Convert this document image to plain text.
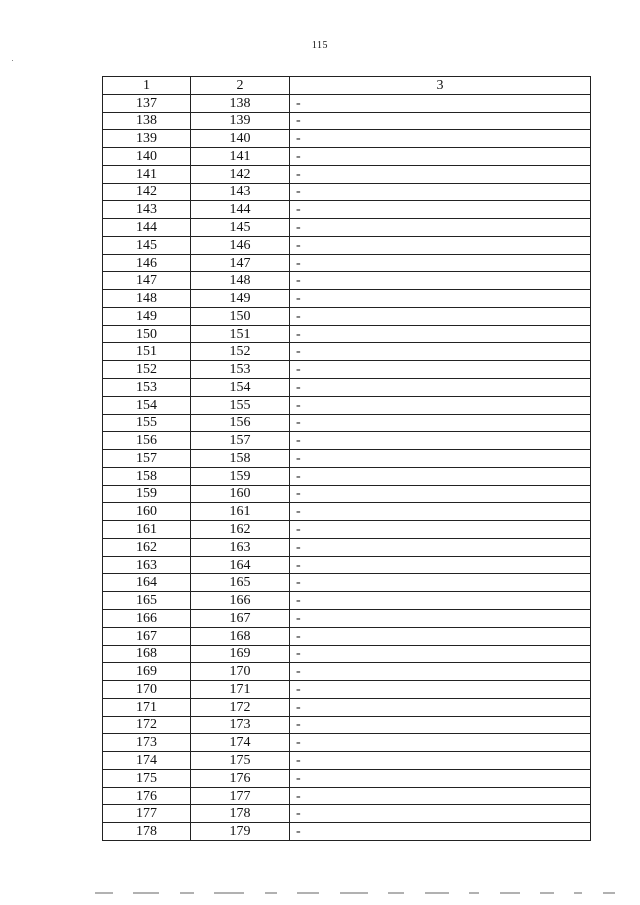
115
1	2	3
137	138	-
138	139	-
139	140	-
140	141	-
141	142	-
142	143	-
143	144	-
144	145	-
145	146	-
146	147	-
147	148	-
148	149	-
149	150	-
150	151	-
151	152	-
152	153	-
153	154	-
154	155	-
155	156	-
156	157	-
157	158	-
158	159	-
159	160	-
160	161	-
161	162	-
162	163	-
163	164	-
164	165	-
165	166	-
166	167	-
167	168	-
168	169	-
169	170	-
170	171	-
171	172	-
172	173	-
173	174	-
174	175	-
175	176	-
176	177	-
177	178	-
178	179	-
